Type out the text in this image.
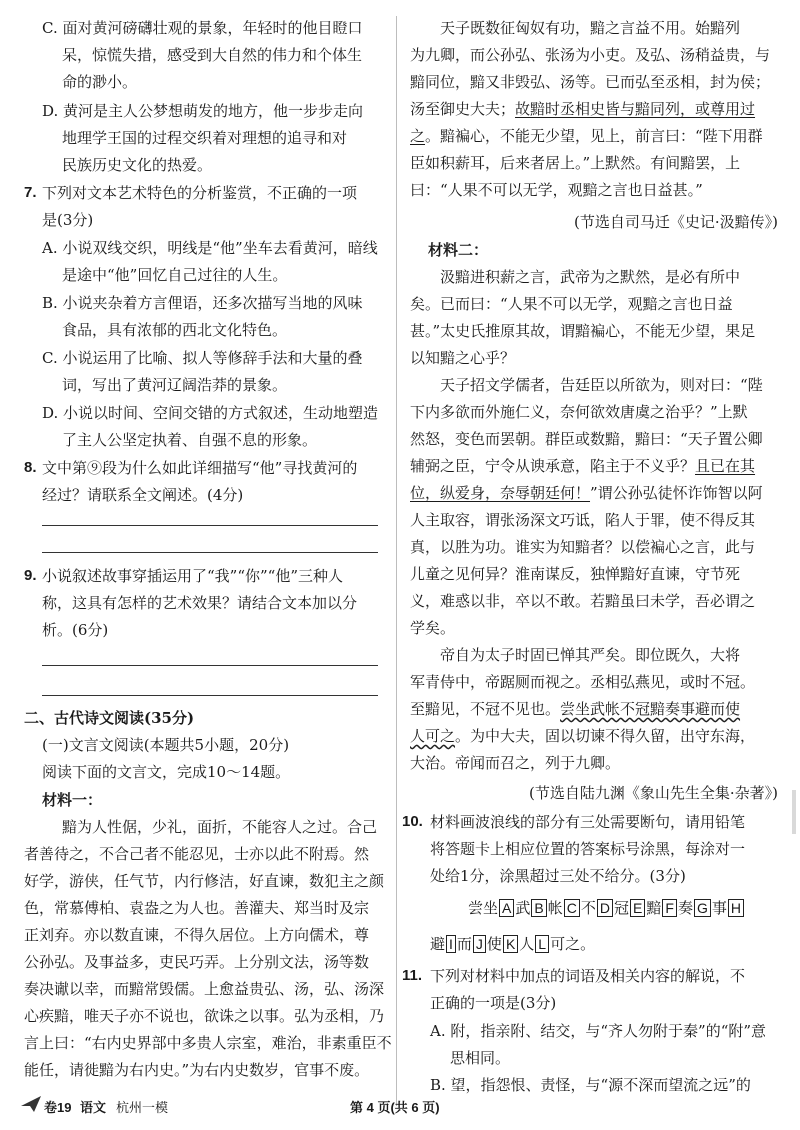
C. 面对黄河磅礴壮观的景象，年轻时的他目瞪口
呆，惊慌失措，感受到大自然的伟力和个体生
命的渺小。
D. 黄河是主人公梦想萌发的地方，他一步步走向
地理学王国的过程交织着对理想的追寻和对
民族历史文化的热爱。
7. 下列对文本艺术特色的分析鉴赏，不正确的一项
是(3分)
A. 小说双线交织，明线是“他”坐车去看黄河，暗线
是途中“他”回忆自己过往的人生。
B. 小说夹杂着方言俚语，还多次描写当地的风味
食品，具有浓郁的西北文化特色。
C. 小说运用了比喻、拟人等修辞手法和大量的叠
词，写出了黄河辽阔浩莽的景象。
D. 小说以时间、空间交错的方式叙述，生动地塑造
了主人公坚定执着、自强不息的形象。
8. 文中第⑨段为什么如此详细描写“他”寻找黄河的
经过？请联系全文阐述。(4分)
9. 小说叙述故事穿插运用了“我”“你”“他”三种人
称，这具有怎样的艺术效果？请结合文本加以分
析。(6分)
二、古代诗文阅读(35分)
(一)文言文阅读(本题共5小题，20分)
阅读下面的文言文，完成10～14题。
材料一：
黯为人性倨，少礼，面折，不能容人之过。合己
者善待之，不合己者不能忍见，士亦以此不附焉。然
好学，游侠，任气节，内行修洁，好直谏，数犯主之颜
色，常慕傅柏、袁盎之为人也。善灌夫、郑当时及宗
正刘弃。亦以数直谏，不得久居位。上方向儒术，尊
公孙弘。及事益多，吏民巧弄。上分别文法，汤等数
奏决谳以幸，而黯常毁儒。上愈益贵弘、汤，弘、汤深
心疾黯，唯天子亦不说也，欲诛之以事。弘为丞相，乃
言上曰：“右内史界部中多贵人宗室，难治，非素重臣不
能任，请徙黯为右内史。”为右内史数岁，官事不废。
天子既数征匈奴有功，黯之言益不用。始黯列
为九卿，而公孙弘、张汤为小吏。及弘、汤稍益贵，与
黯同位，黯又非毁弘、汤等。已而弘至丞相，封为侯；
汤至御史大夫；故黯时丞相史皆与黯同列，或尊用过
之。黯褊心，不能无少望，见上，前言曰：“陛下用群
臣如积薪耳，后来者居上。”上默然。有间黯罢，上
曰：“人果不可以无学，观黯之言也日益甚。”
(节选自司马迁《史记·汲黯传》)
材料二：
汲黯进积薪之言，武帝为之默然，是必有所中
矣。已而曰：“人果不可以无学，观黯之言也日益
甚。”太史氏推原其故，谓黯褊心，不能无少望，果足
以知黯之心乎？
天子招文学儒者，告廷臣以所欲为，则对曰：“陛
下内多欲而外施仁义，奈何欲效唐虞之治乎？”上默
然怒，变色而罢朝。群臣或数黯，黯曰：“天子置公卿
辅弼之臣，宁令从谀承意，陷主于不义乎？且已在其
位，纵爱身，奈辱朝廷何！”谓公孙弘徒怀诈饰智以阿
人主取容，谓张汤深文巧诋，陷人于罪，使不得反其
真，以胜为功。谁实为知黯者？以偿褊心之言，此与
儿童之见何异？淮南谋反，独惮黯好直谏，守节死
义，难惑以非，卒以不敢。若黯虽曰未学，吾必谓之
学矣。
帝自为太子时固已惮其严矣。即位既久，大将
军青侍中，帝踞厕而视之。丞相弘燕见，或时不冠。
至黯见，不冠不见也。尝坐武帐不冠黯奏事避而使
人可之。为中大夫，固以切谏不得久留，出守东海，
大治。帝闻而召之，列于九卿。
(节选自陆九渊《象山先生全集·杂著》)
10. 材料画波浪线的部分有三处需要断句，请用铅笔
将答题卡上相应位置的答案标号涂黑，每涂对一
处给1分，涂黑超过三处不给分。(3分)
尝坐 A 武 B 帐 C 不 D 冠 E 黯 F 奏 G 事 H
避 I 而 J 使 K 人 L 可之。
11. 下列对材料中加点的词语及相关内容的解说，不
正确的一项是(3分)
A. 附，指亲附、结交，与“齐人勿附于秦”的“附”意
思相同。
B. 望，指怨恨、责怪，与“源不深而望流之远”的
卷19 语文 杭州一模	第 4 页(共 6 页)
